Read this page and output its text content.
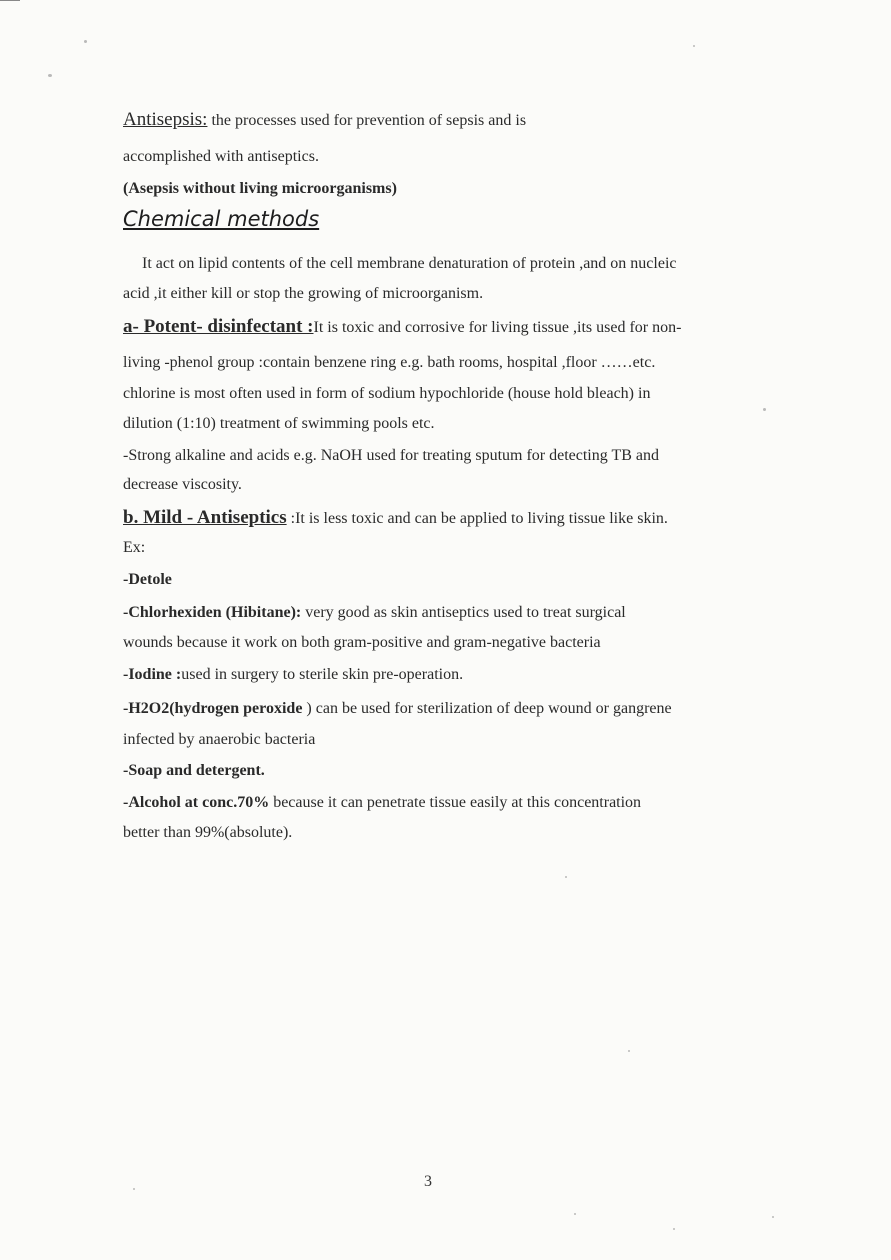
Antisepsis: the processes used for prevention of sepsis and is
accomplished with antiseptics.
(Asepsis without living microorganisms)
Chemical methods
It act on lipid contents of the cell membrane denaturation of protein ,and on nucleic
acid ,it either kill or stop the growing of microorganism.
a- Potent- disinfectant :It is toxic and corrosive for living tissue ,its used for non-
living -phenol group :contain benzene ring e.g. bath rooms, hospital ,floor ……etc.
chlorine is most often used in form of sodium hypochloride (house hold bleach) in
dilution (1:10) treatment of swimming pools etc.
-Strong alkaline and acids e.g. NaOH used for treating sputum for detecting TB and
decrease viscosity.
b. Mild - Antiseptics :It is less toxic and can be applied to living tissue like skin.
Ex:
-Detole
-Chlorhexiden (Hibitane): very good as skin antiseptics used to treat surgical
wounds because it work on both gram-positive and gram-negative bacteria
-Iodine :used in surgery to sterile skin pre-operation.
-H2O2(hydrogen peroxide ) can be used for sterilization of deep wound or gangrene
infected by anaerobic bacteria
-Soap and detergent.
-Alcohol at conc.70% because it can penetrate tissue easily at this concentration
better than 99%(absolute).
3
